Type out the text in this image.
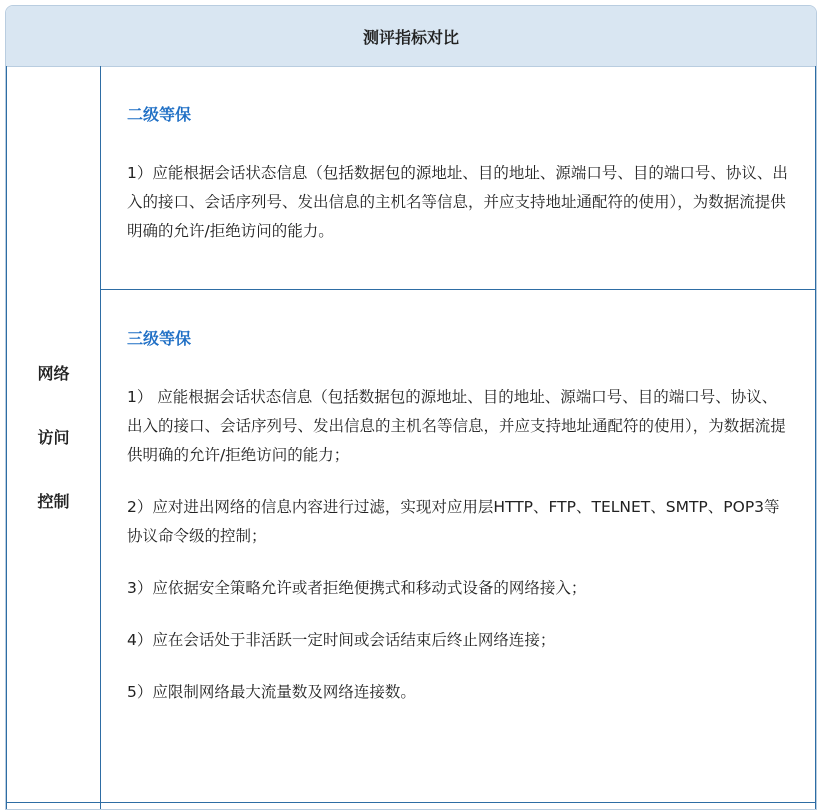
测评指标对比
网络
访问
控制
二级等保

1）应能根据会话状态信息（包括数据包的源地址、目的地址、源端口号、目的端口号、协议、出入的接口、会话序列号、发出信息的主机名等信息，并应支持地址通配符的使用），为数据流提供明确的允许/拒绝访问的能力。

三级等保

1） 应能根据会话状态信息（包括数据包的源地址、目的地址、源端口号、目的端口号、协议、出入的接口、会话序列号、发出信息的主机名等信息，并应支持地址通配符的使用），为数据流提供明确的允许/拒绝访问的能力；

2）应对进出网络的信息内容进行过滤，实现对应用层HTTP、FTP、TELNET、SMTP、POP3等协议命令级的控制；

3）应依据安全策略允许或者拒绝便携式和移动式设备的网络接入；

4）应在会话处于非活跃一定时间或会话结束后终止网络连接；

5）应限制网络最大流量数及网络连接数。
